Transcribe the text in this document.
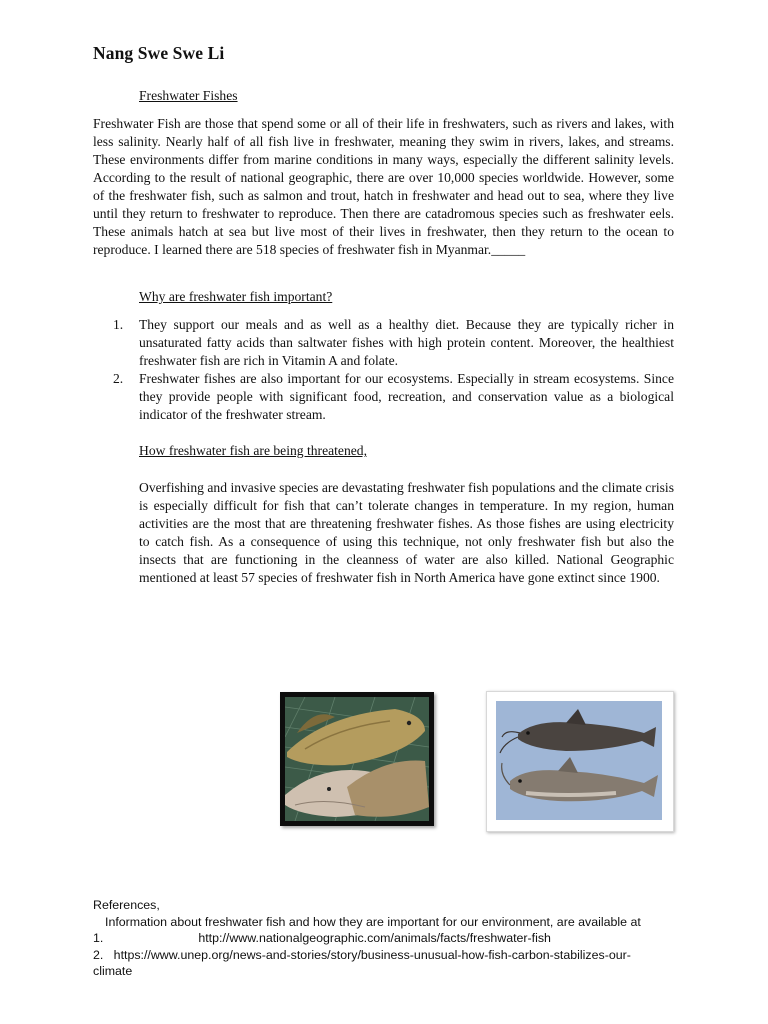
Nang Swe Swe Li
Freshwater Fishes

Freshwater Fish are those that spend some or all of their life in freshwaters, such as rivers and lakes, with less salinity. Nearly half of all fish live in freshwater, meaning they swim in rivers, lakes, and streams. These environments differ from marine conditions in many ways, especially the different salinity levels. According to the result of national geographic, there are over 10,000 species worldwide. However, some of the freshwater fish, such as salmon and trout, hatch in freshwater and head out to sea, where they live until they return to freshwater to reproduce. Then there are catadromous species such as freshwater eels. These animals hatch at sea but live most of their lives in freshwater, then they return to the ocean to reproduce. I learned there are 518 species of freshwater fish in Myanmar._____

Why are freshwater fish important?
1. They support our meals and as well as a healthy diet. Because they are typically richer in unsaturated fatty acids than saltwater fishes with high protein content. Moreover, the healthiest freshwater fish are rich in Vitamin A and folate.
2. Freshwater fishes are also important for our ecosystems. Especially in stream ecosystems. Since they provide people with significant food, recreation, and conservation value as a biological indicator of the freshwater stream.
How freshwater fish are being threatened,

Overfishing and invasive species are devastating freshwater fish populations and the climate crisis is especially difficult for fish that can’t tolerate changes in temperature. In my region, human activities are the most that are threatening freshwater fishes. As those fishes are using electricity to catch fish. As a consequence of using this technique, not only freshwater fish but also the insects that are functioning in the cleanness of water are also killed. National Geographic mentioned at least 57 species of freshwater fish in North America have gone extinct since 1900.

References,
Information about freshwater fish and how they are important for our environment, are available at
1.	http://www.nationalgeographic.com/animals/facts/freshwater-fish
2. https://www.unep.org/news-and-stories/story/business-unusual-how-fish-carbon-stabilizes-our-
climate
